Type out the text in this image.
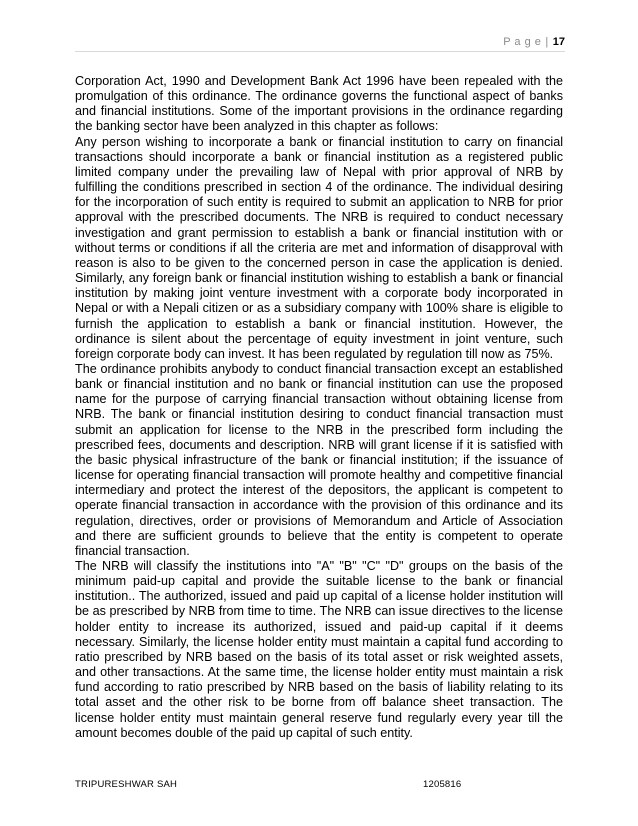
P a g e | 17

Corporation Act, 1990 and Development Bank Act 1996 have been repealed with the promulgation of this ordinance. The ordinance governs the functional aspect of banks and financial institutions. Some of the important provisions in the ordinance regarding the banking sector have been analyzed in this chapter as follows:

Any person wishing to incorporate a bank or financial institution to carry on financial transactions should incorporate a bank or financial institution as a registered public limited company under the prevailing law of Nepal with prior approval of NRB by fulfilling the conditions prescribed in section 4 of the ordinance. The individual desiring for the incorporation of such entity is required to submit an application to NRB for prior approval with the prescribed documents. The NRB is required to conduct necessary investigation and grant permission to establish a bank or financial institution with or without terms or conditions if all the criteria are met and information of disapproval with reason is also to be given to the concerned person in case the application is denied. Similarly, any foreign bank or financial institution wishing to establish a bank or financial institution by making joint venture investment with a corporate body incorporated in Nepal or with a Nepali citizen or as a subsidiary company with 100% share is eligible to furnish the application to establish a bank or financial institution. However, the ordinance is silent about the percentage of equity investment in joint venture, such foreign corporate body can invest. It has been regulated by regulation till now as 75%.

The ordinance prohibits anybody to conduct financial transaction except an established bank or financial institution and no bank or financial institution can use the proposed name for the purpose of carrying financial transaction without obtaining license from NRB. The bank or financial institution desiring to conduct financial transaction must submit an application for license to the NRB in the prescribed form including the prescribed fees, documents and description. NRB will grant license if it is satisfied with the basic physical infrastructure of the bank or financial institution; if the issuance of license for operating financial transaction will promote healthy and competitive financial intermediary and protect the interest of the depositors, the applicant is competent to operate financial transaction in accordance with the provision of this ordinance and its regulation, directives, order or provisions of Memorandum and Article of Association and there are sufficient grounds to believe that the entity is competent to operate financial transaction.

The NRB will classify the institutions into "A" "B" "C" "D" groups on the basis of the minimum paid-up capital and provide the suitable license to the bank or financial institution.. The authorized, issued and paid up capital of a license holder institution will be as prescribed by NRB from time to time. The NRB can issue directives to the license holder entity to increase its authorized, issued and paid-up capital if it deems necessary. Similarly, the license holder entity must maintain a capital fund according to ratio prescribed by NRB based on the basis of its total asset or risk weighted assets, and other transactions. At the same time, the license holder entity must maintain a risk fund according to ratio prescribed by NRB based on the basis of liability relating to its total asset and the other risk to be borne from off balance sheet transaction. The license holder entity must maintain general reserve fund regularly every year till the amount becomes double of the paid up capital of such entity.

TRIPURESHWAR SAH	1205816
